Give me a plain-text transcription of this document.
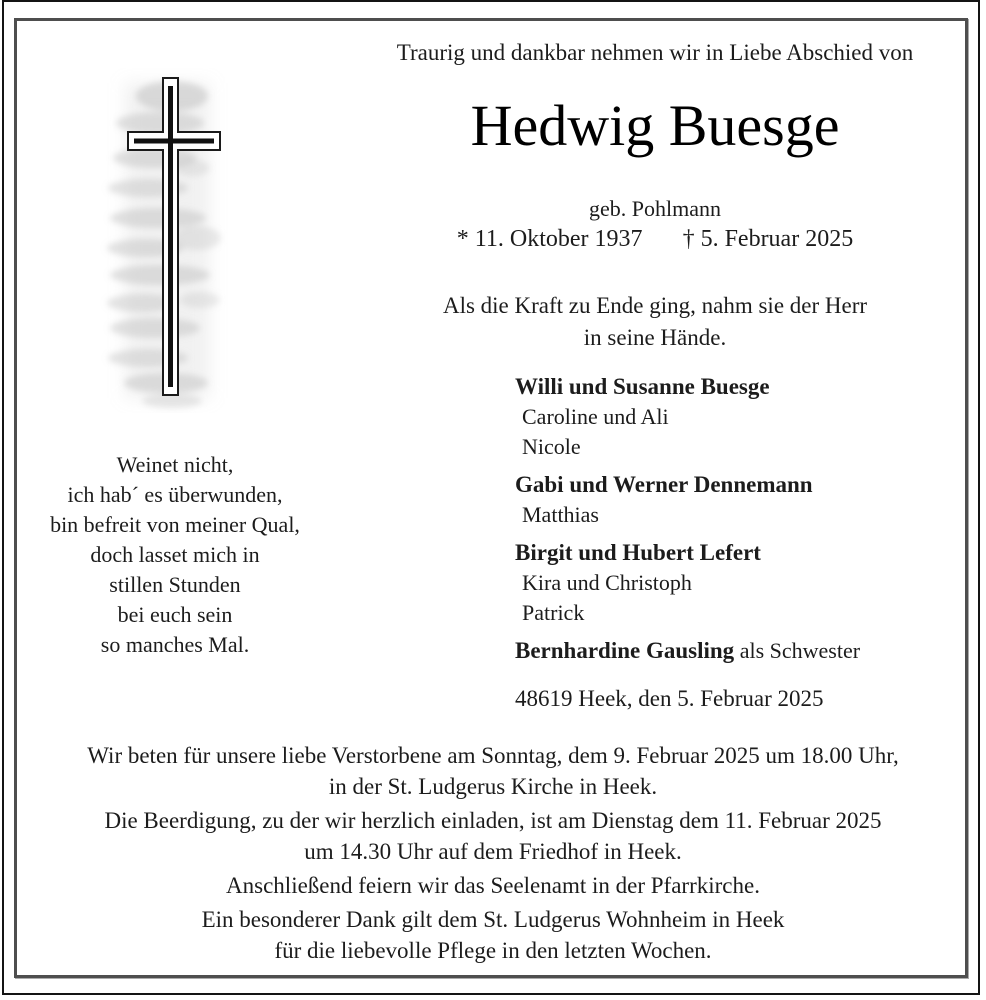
Traurig und dankbar nehmen wir in Liebe Abschied von
Hedwig Buesge
geb. Pohlmann
* 11. Oktober 1937 † 5. Februar 2025
Als die Kraft zu Ende ging, nahm sie der Herr
in seine Hände.
Weinet nicht,
ich hab´ es überwunden,
bin befreit von meiner Qual,
doch lasset mich in
stillen Stunden
bei euch sein
so manches Mal.
Willi und Susanne Buesge
Caroline und Ali
Nicole
Gabi und Werner Dennemann
Matthias
Birgit und Hubert Lefert
Kira und Christoph
Patrick
Bernhardine Gausling als Schwester
48619 Heek, den 5. Februar 2025

Wir beten für unsere liebe Verstorbene am Sonntag, dem 9. Februar 2025 um 18.00 Uhr,
in der St. Ludgerus Kirche in Heek.

Die Beerdigung, zu der wir herzlich einladen, ist am Dienstag dem 11. Februar 2025
um 14.30 Uhr auf dem Friedhof in Heek.

Anschließend feiern wir das Seelenamt in der Pfarrkirche.

Ein besonderer Dank gilt dem St. Ludgerus Wohnheim in Heek
für die liebevolle Pflege in den letzten Wochen.
